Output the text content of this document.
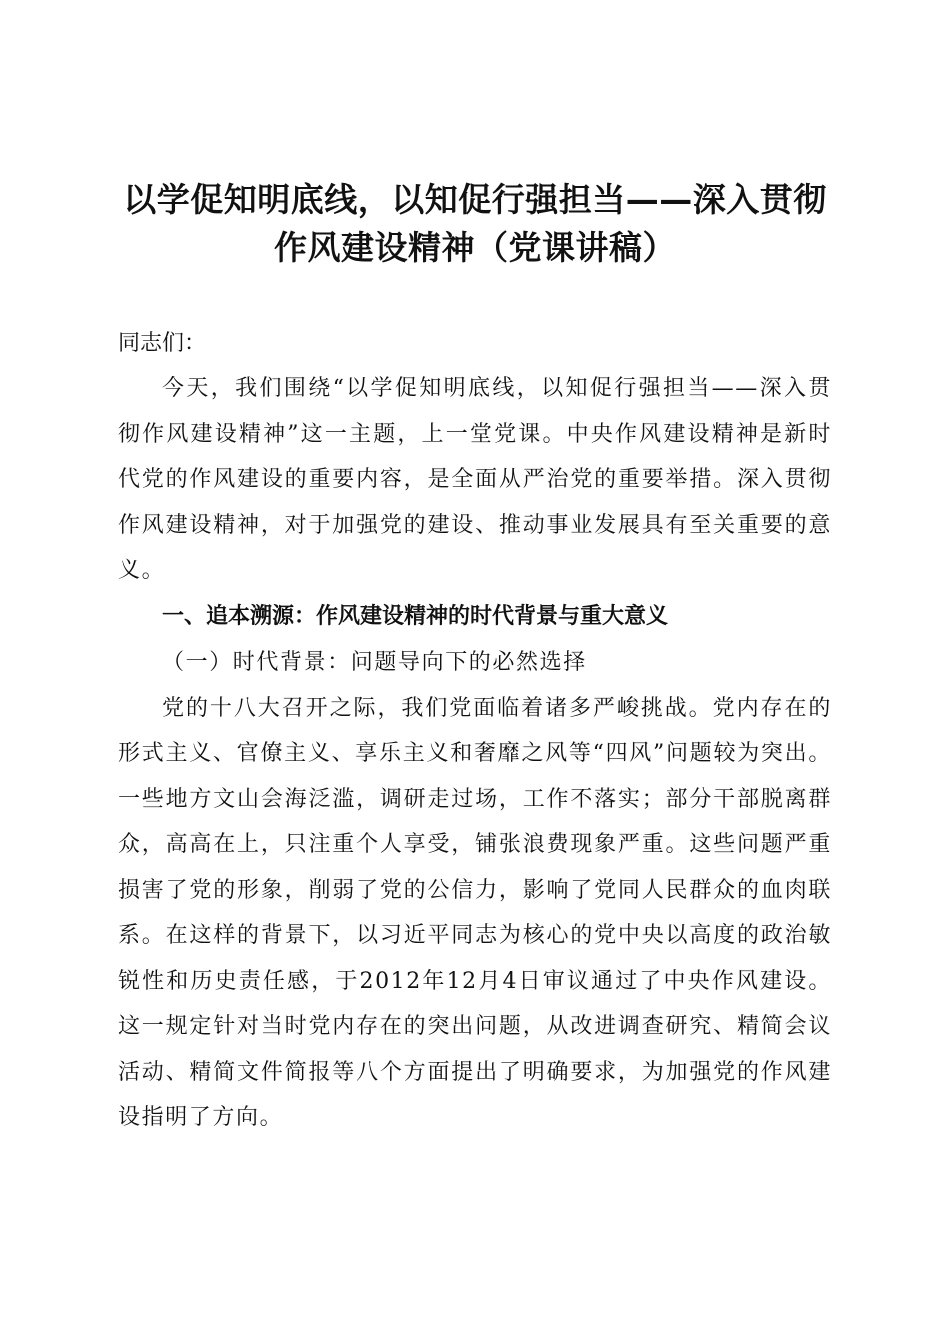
以学促知明底线，以知促行强担当——深入贯彻作风建设精神（党课讲稿）

同志们：

今天，我们围绕“以学促知明底线，以知促行强担当——深入贯彻作风建设精神”这一主题，上一堂党课。中央作风建设精神是新时代党的作风建设的重要内容，是全面从严治党的重要举措。深入贯彻作风建设精神，对于加强党的建设、推动事业发展具有至关重要的意义。

一、追本溯源：作风建设精神的时代背景与重大意义

（一）时代背景：问题导向下的必然选择

党的十八大召开之际，我们党面临着诸多严峻挑战。党内存在的形式主义、官僚主义、享乐主义和奢靡之风等“四风”问题较为突出。一些地方文山会海泛滥，调研走过场，工作不落实；部分干部脱离群众，高高在上，只注重个人享受，铺张浪费现象严重。这些问题严重损害了党的形象，削弱了党的公信力，影响了党同人民群众的血肉联系。在这样的背景下，以习近平同志为核心的党中央以高度的政治敏锐性和历史责任感，于2012年12月4日审议通过了中央作风建设。这一规定针对当时党内存在的突出问题，从改进调查研究、精简会议活动、精简文件简报等八个方面提出了明确要求，为加强党的作风建设指明了方向。
